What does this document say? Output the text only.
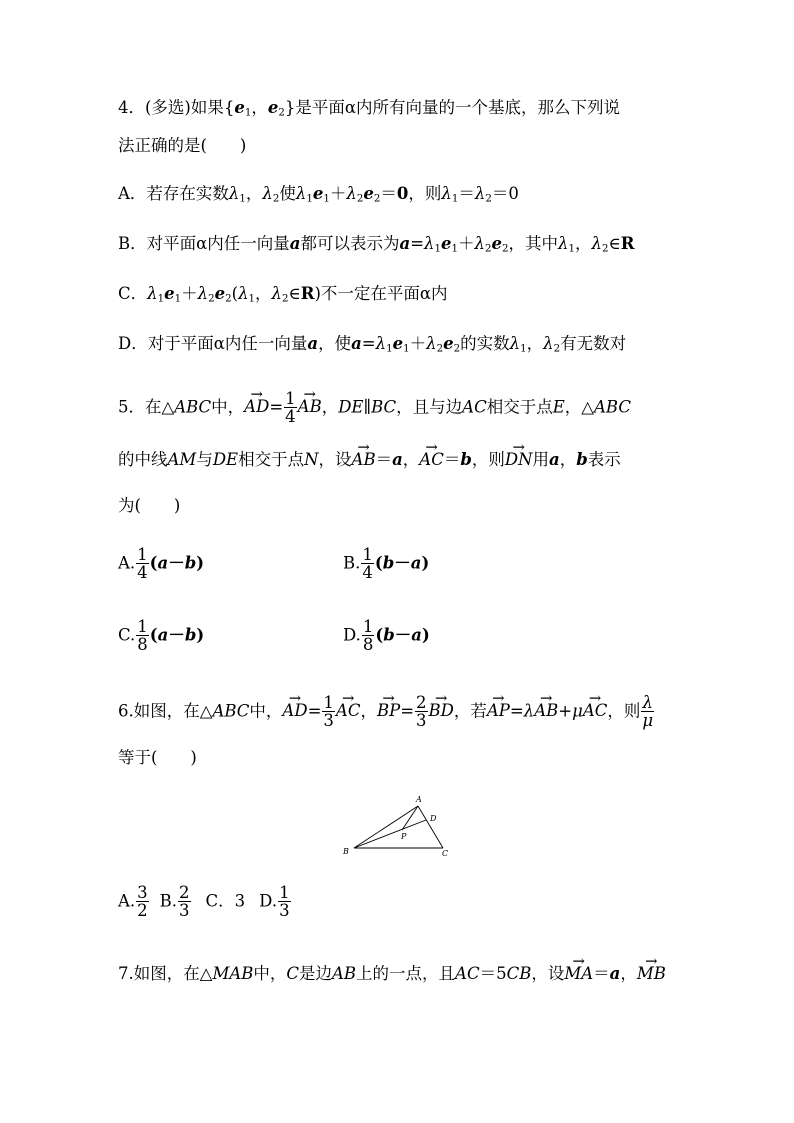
4．(多选)如果{$e_1$，$e_2$}是平面α内所有向量的一个基底，那么下列说
法正确的是(　　)
A．若存在实数$\lambda_1$，$\lambda_2$使$\lambda_1e_1+\lambda_2e_2=0$，则$\lambda_1=\lambda_2=0$
B．对平面α内任一向量a都可以表示为$a=\lambda_1e_1+\lambda_2e_2$，其中$\lambda_1$，$\lambda_2\in R$
C．$\lambda_1e_1+\lambda_2e_2(\lambda_1$，$\lambda_2\in R$)不一定在平面α内
D．对于平面α内任一向量a，使$a=\lambda_1e_1+\lambda_2e_2$的实数$\lambda_1$，$\lambda_2$有无数对
5．在△ABC中，→ $AD= \frac{1}{4}$ → AB，DE∥BC，且与边AC相交于点E，△ABC
的中线AM与DE相交于点N，设→ AB＝a，→ AC＝b，则→ DN用a，b表示
为(　　)
A. $\frac{1}{4} (a-b)$	B. $\frac{1}{4} (b-a)$
C. $\frac{1}{8} (a-b)$	D. $\frac{1}{8} (b-a)$
6.如图，在△ABC中，→ $AD= \frac{1}{3}$ → AC，→ $BP= \frac{2}{3}$ → BD，若→ AP=λ→ AB+μ→ AC，则 $\frac{\lambda}{\mu}$
等于(　　)
A
B	C
D
P
A. $\frac{3}{2} B$. $\frac{2}{3}$ C．3 D. $\frac{1}{3}$
7.如图，在△MAB中，C是边AB上的一点，且AC＝5CB，设→ MA＝a，→ MB
